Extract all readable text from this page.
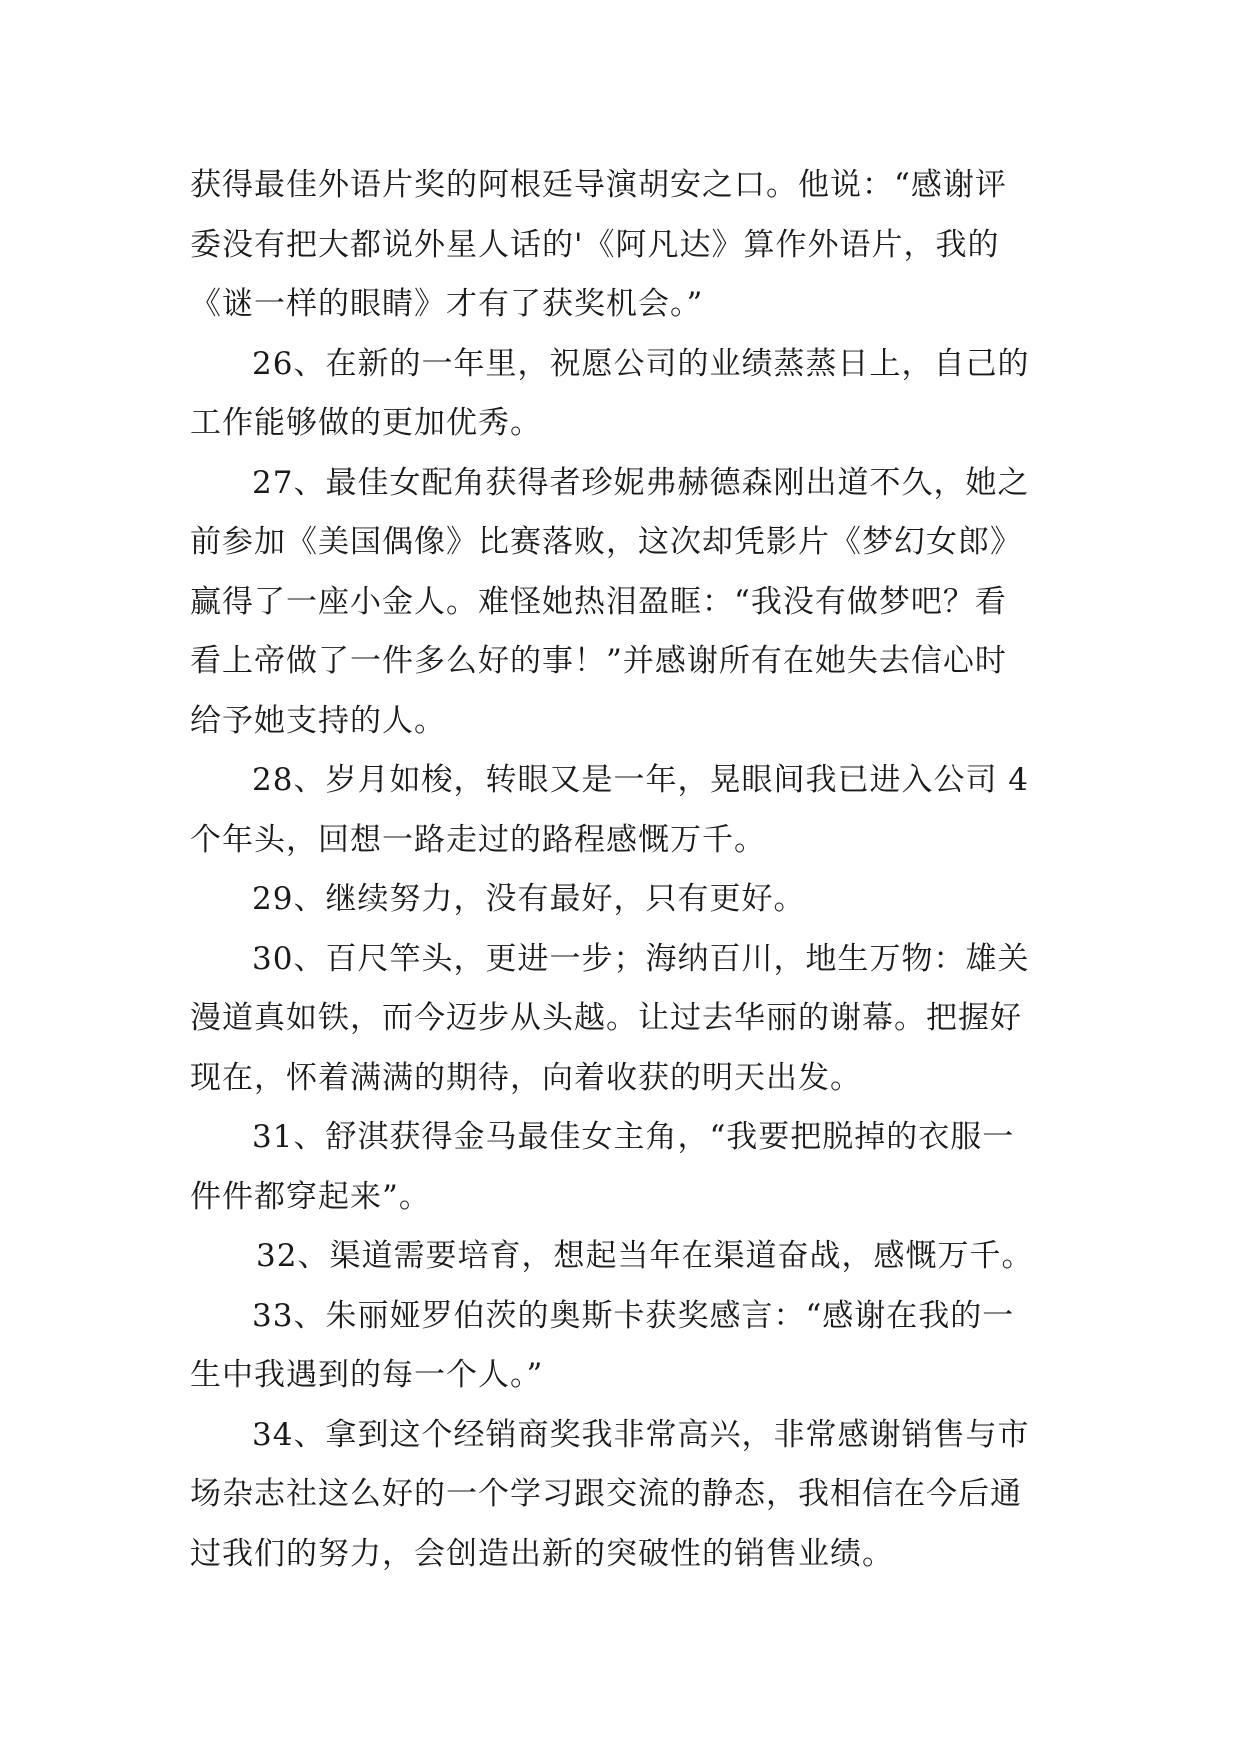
获得最佳外语片奖的阿根廷导演胡安之口。他说：“感谢评
委没有把大都说外星人话的'《阿凡达》算作外语片，我的
《谜一样的眼睛》才有了获奖机会。”
26、在新的一年里，祝愿公司的业绩蒸蒸日上，自己的
工作能够做的更加优秀。
27、最佳女配角获得者珍妮弗赫德森刚出道不久，她之
前参加《美国偶像》比赛落败，这次却凭影片《梦幻女郎》
赢得了一座小金人。难怪她热泪盈眶：“我没有做梦吧？看
看上帝做了一件多么好的事！”并感谢所有在她失去信心时
给予她支持的人。
28、岁月如梭，转眼又是一年，晃眼间我已进入公司 4
个年头，回想一路走过的路程感慨万千。
29、继续努力，没有最好，只有更好。
30、百尺竿头，更进一步；海纳百川，地生万物：雄关
漫道真如铁，而今迈步从头越。让过去华丽的谢幕。把握好
现在，怀着满满的期待，向着收获的明天出发。
31、舒淇获得金马最佳女主角，“我要把脱掉的衣服一
件件都穿起来”。
32、渠道需要培育，想起当年在渠道奋战，感慨万千。
33、朱丽娅罗伯茨的奥斯卡获奖感言：“感谢在我的一
生中我遇到的每一个人。”
34、拿到这个经销商奖我非常高兴，非常感谢销售与市
场杂志社这么好的一个学习跟交流的静态，我相信在今后通
过我们的努力，会创造出新的突破性的销售业绩。
